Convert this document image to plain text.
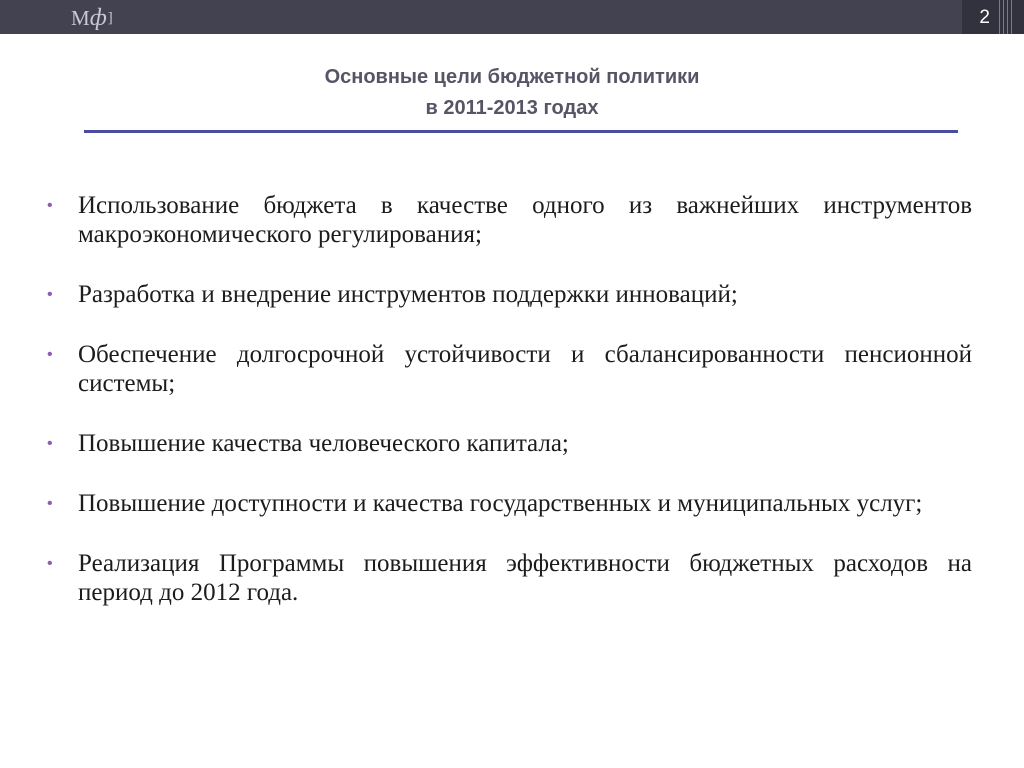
Мф]	2
Основные цели бюджетной политики
в 2011-2013 годах
•	Использование бюджета в качестве одного из важнейших инструментов макроэкономического регулирования;
•	Разработка и внедрение инструментов поддержки инноваций;
•	Обеспечение долгосрочной устойчивости и сбалансированности пенсионной системы;
•	Повышение качества человеческого капитала;
•	Повышение доступности и качества государственных и муниципальных услуг;
•	Реализация Программы повышения эффективности бюджетных расходов на период до 2012 года.
